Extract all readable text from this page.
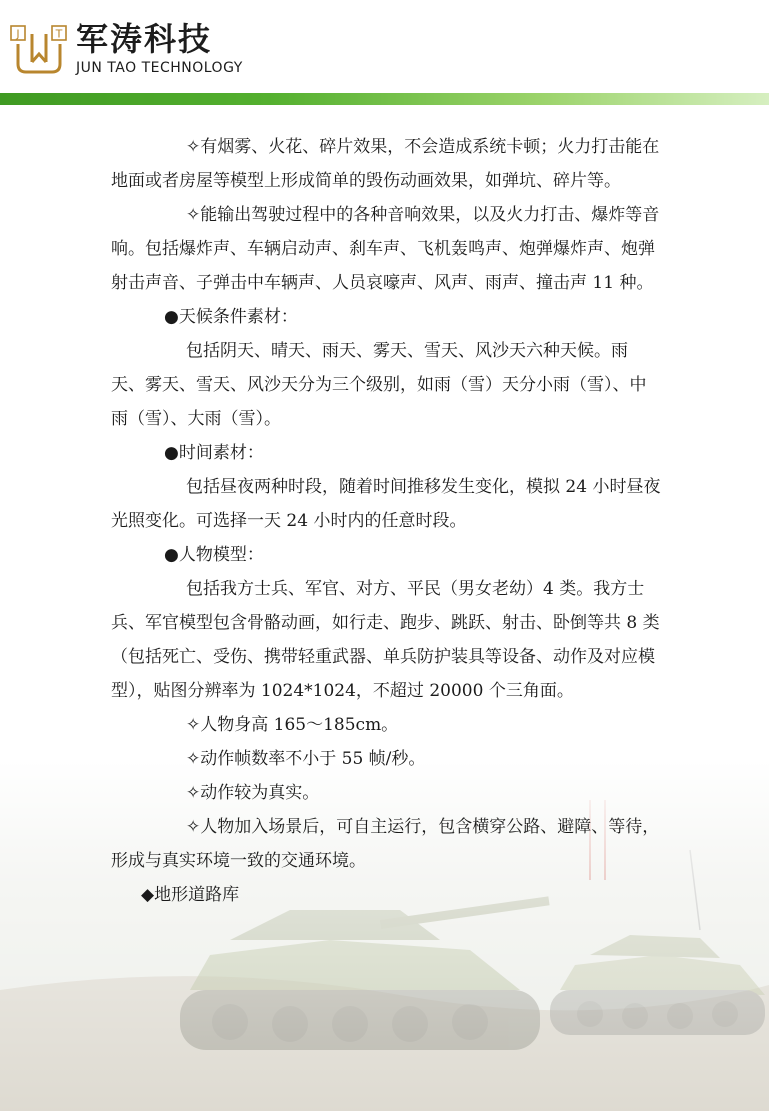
J	T 军涛科技
JUN TAO TECHNOLOGY

✧有烟雾、火花、碎片效果，不会造成系统卡顿；火力打击能在地面或者房屋等模型上形成简单的毁伤动画效果，如弹坑、碎片等。

✧能输出驾驶过程中的各种音响效果，以及火力打击、爆炸等音响。包括爆炸声、车辆启动声、刹车声、飞机轰鸣声、炮弹爆炸声、炮弹射击声音、子弹击中车辆声、人员哀嚎声、风声、雨声、撞击声 11 种。

●天候条件素材：

包括阴天、晴天、雨天、雾天、雪天、风沙天六种天候。雨天、雾天、雪天、风沙天分为三个级别，如雨（雪）天分小雨（雪）、中雨（雪）、大雨（雪）。

●时间素材：

包括昼夜两种时段，随着时间推移发生变化，模拟 24 小时昼夜光照变化。可选择一天 24 小时内的任意时段。

●人物模型：

包括我方士兵、军官、对方、平民（男女老幼）4 类。我方士兵、军官模型包含骨骼动画，如行走、跑步、跳跃、射击、卧倒等共 8 类（包括死亡、受伤、携带轻重武器、单兵防护装具等设备、动作及对应模型），贴图分辨率为 1024*1024，不超过 20000 个三角面。

✧人物身高 165～185cm。

✧动作帧数率不小于 55 帧/秒。

✧动作较为真实。

✧人物加入场景后，可自主运行，包含横穿公路、避障、等待，形成与真实环境一致的交通环境。

◆地形道路库
